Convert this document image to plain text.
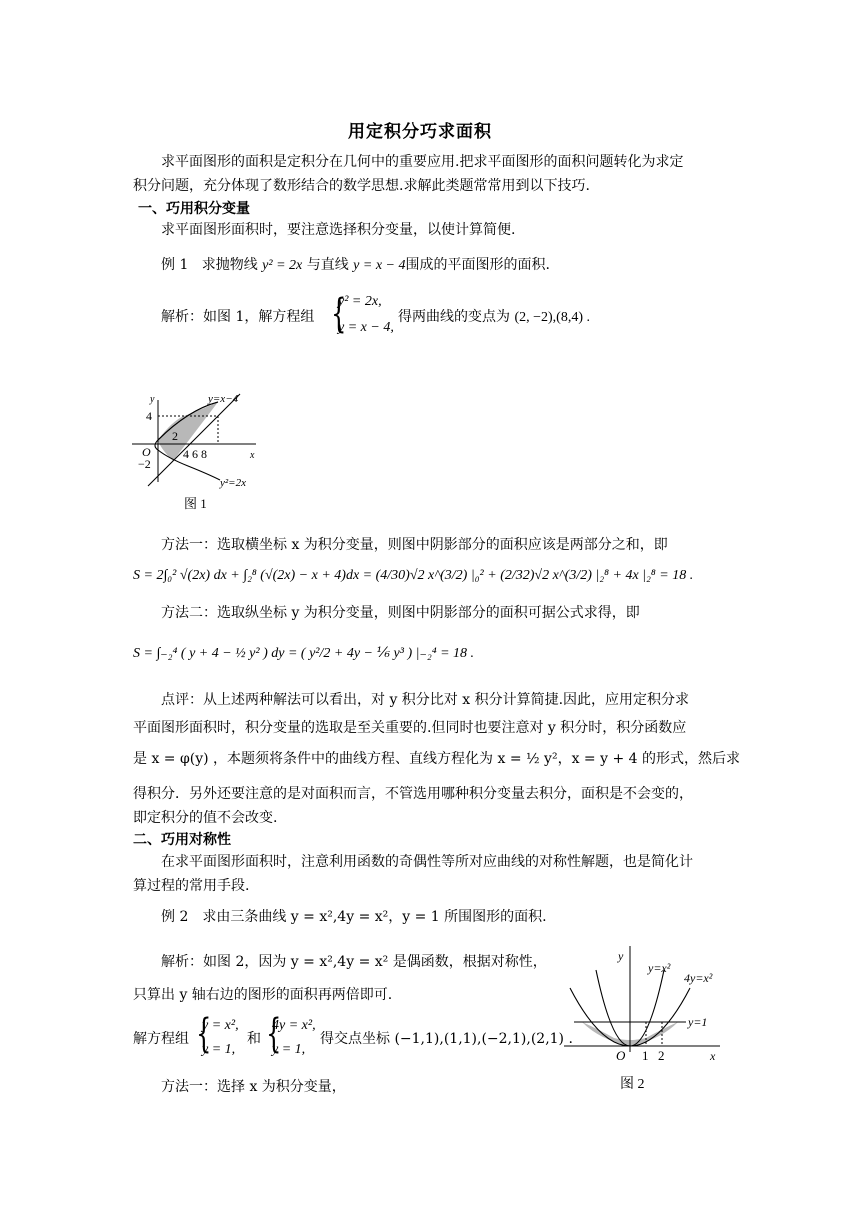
用定积分巧求面积
求平面图形的面积是定积分在几何中的重要应用.把求平面图形的面积问题转化为求定
积分问题，充分体现了数形结合的数学思想.求解此类题常常用到以下技巧.
一、巧用积分变量
求平面图形面积时，要注意选择积分变量，以使计算简便.
例 1 求抛物线 y² = 2x 与直线 y = x − 4围成的平面图形的面积.
解析：如图 1，解方程组 {
y² = 2x,
y = x − 4,
得两曲线的变点为 (2, −2),(8,4) .
y
x
O
4
−2
2
4 6 8
y=x−4
y²=2x
图 1
方法一：选取横坐标 x 为积分变量，则图中阴影部分的面积应该是两部分之和，即
S = 2∫₀² √(2x) dx + ∫₂⁸ (√(2x) − x + 4)dx = (4/30)√2 x^(3/2) |₀² + (2/32)√2 x^(3/2) |₂⁸ + 4x |₂⁸ = 18 .
方法二：选取纵坐标 y 为积分变量，则图中阴影部分的面积可据公式求得，即
S = ∫₋₂⁴ ( y + 4 − ½ y² ) dy = ( y²/2 + 4y − ⅙ y³ ) |₋₂⁴ = 18 .
点评：从上述两种解法可以看出，对 y 积分比对 x 积分计算简捷.因此，应用定积分求
平面图形面积时，积分变量的选取是至关重要的.但同时也要注意对 y 积分时，积分函数应
是 x = φ(y) ，本题须将条件中的曲线方程、直线方程化为 x = ½ y²，x = y + 4 的形式，然后求
得积分．另外还要注意的是对面积而言，不管选用哪种积分变量去积分，面积是不会变的，
即定积分的值不会改变.
二、巧用对称性
在求平面图形面积时，注意利用函数的奇偶性等所对应曲线的对称性解题，也是简化计
算过程的常用手段.
例 2　求由三条曲线 y = x²,4y = x²，y = 1 所围图形的面积.
解析：如图 2，因为 y = x²,4y = x² 是偶函数，根据对称性，
只算出 y 轴右边的图形的面积再两倍即可.
解方程组 {
y = x²,
y = 1,
和 {
4y = x²,
y = 1,
得交点坐标 (−1,1),(1,1),(−2,1),(2,1) .
方法一：选择 x 为积分变量，
y
x
O 1 2
y=x²
4y=x²
y=1
图 2
